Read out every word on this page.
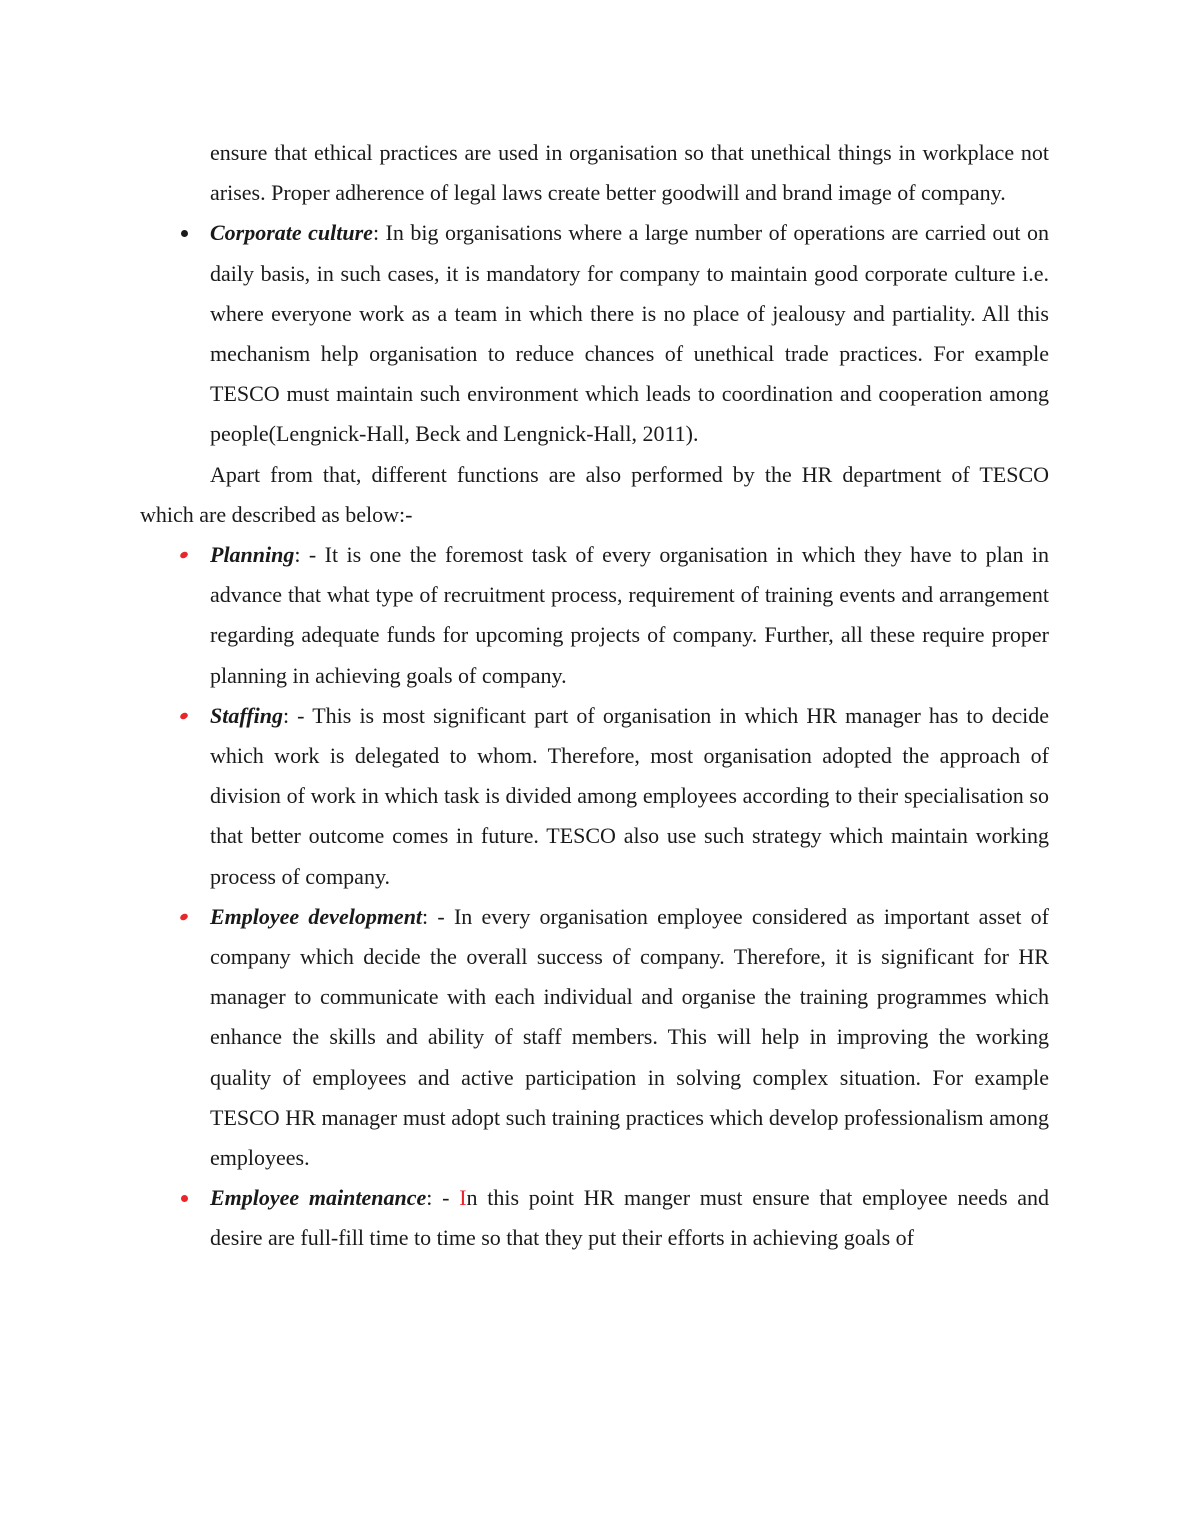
ensure that ethical practices are used in organisation so that unethical things in workplace not arises. Proper adherence of legal laws create better goodwill and brand image of company.

Corporate culture: In big organisations where a large number of operations are carried out on daily basis, in such cases, it is mandatory for company to maintain good corporate culture i.e. where everyone work as a team in which there is no place of jealousy and partiality. All this mechanism help organisation to reduce chances of unethical trade practices. For example TESCO must maintain such environment which leads to coordination and cooperation among people(Lengnick-Hall, Beck and Lengnick-Hall, 2011).

Apart from that, different functions are also performed by the HR department of TESCO which are described as below:-

Planning: - It is one the foremost task of every organisation in which they have to plan in advance that what type of recruitment process, requirement of training events and arrangement regarding adequate funds for upcoming projects of company. Further, all these require proper planning in achieving goals of company.
Staffing: - This is most significant part of organisation in which HR manager has to decide which work is delegated to whom. Therefore, most organisation adopted the approach of division of work in which task is divided among employees according to their specialisation so that better outcome comes in future. TESCO also use such strategy which maintain working process of company.
Employee development: - In every organisation employee considered as important asset of company which decide the overall success of company. Therefore, it is significant for HR manager to communicate with each individual and organise the training programmes which enhance the skills and ability of staff members. This will help in improving the working quality of employees and active participation in solving complex situation. For example TESCO HR manager must adopt such training practices which develop professionalism among employees.
Employee maintenance: - In this point HR manger must ensure that employee needs and desire are full-fill time to time so that they put their efforts in achieving goals of
